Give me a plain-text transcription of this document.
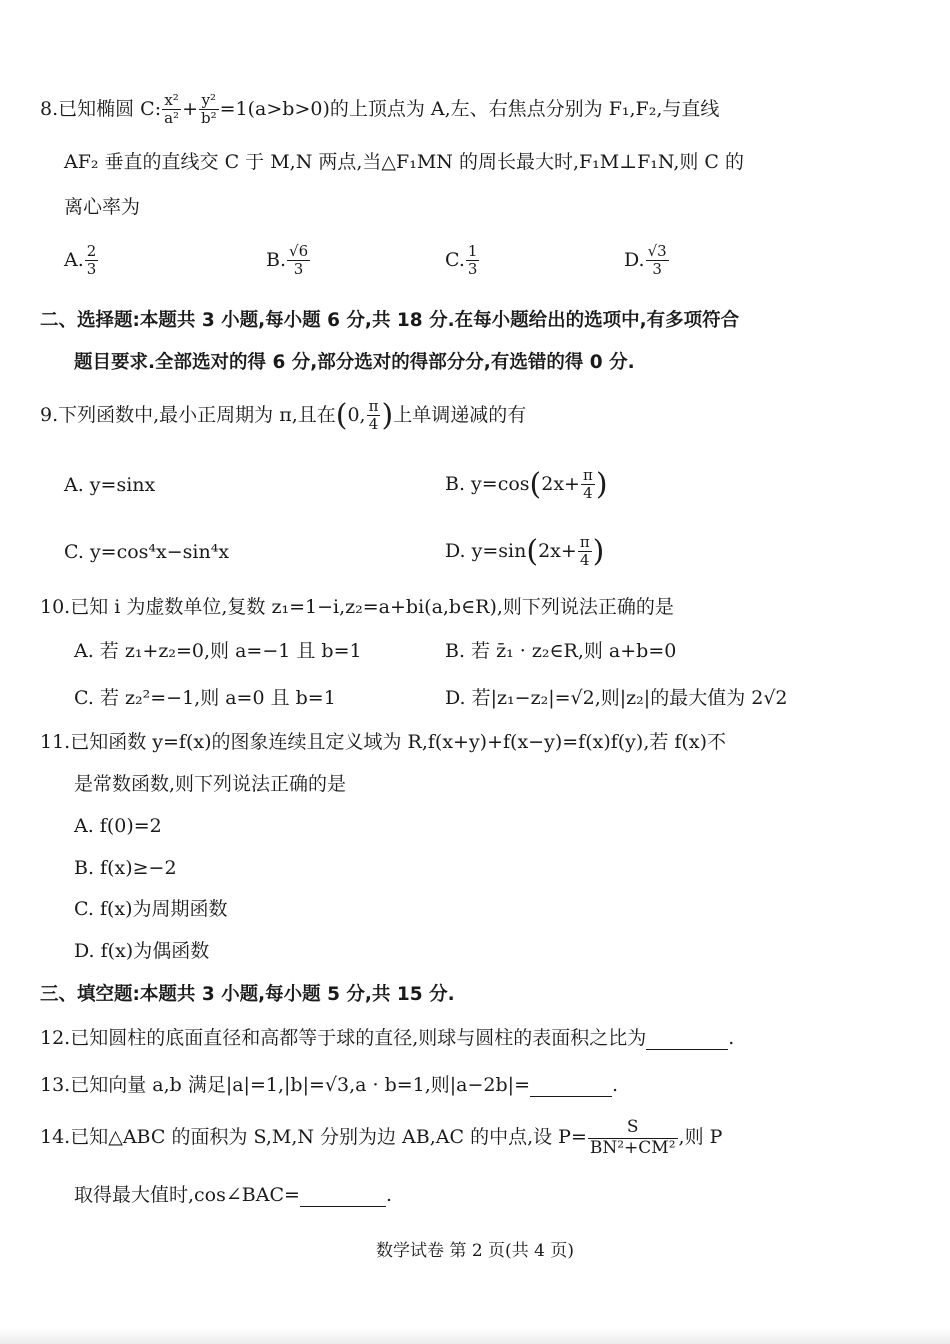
8.已知椭圆 C: $\frac{\text{x²}}{\text{a²}} + \frac{\text{y²}}{\text{b²}} =1(a>b>0)$的上顶点为 A,左、右焦点分别为 F₁,F₂,与直线
AF₂ 垂直的直线交 C 于 M,N 两点,当△F₁MN 的周长最大时,F₁M⊥F₁N,则 C 的
离心率为
A. $\frac{2}{3}$	B. $\frac{√6}{3}$	C. $\frac{1}{3}$	D. $\frac{√3}{3}$
二、选择题:本题共 3 小题,每小题 6 分,共 18 分.在每小题给出的选项中,有多项符合
题目要求.全部选对的得 6 分,部分选对的得部分分,有选错的得 0 分.
9.下列函数中,最小正周期为 π,且在(0, $\frac{\pi}{4}$ )上单调递减的有
A. y=sinx	B. $y=\cos(2x+ \frac{\pi}{4}$ )
C. y=cos⁴x−sin⁴x	D. $y=\sin(2x+ \frac{\pi}{4}$ )
10.已知 i 为虚数单位,复数 z₁=1−i,z₂=a+bi(a,b∈R),则下列说法正确的是
A. 若 z₁+z₂=0,则 a=−1 且 b=1	B. 若 z̄₁ · z₂∈R,则 a+b=0
C. 若 z₂²=−1,则 a=0 且 b=1	D. 若|z₁−z₂|=√2,则|z₂|的最大值为 2√2
11.已知函数 y=f(x)的图象连续且定义域为 R,f(x+y)+f(x−y)=f(x)f(y),若 f(x)不
是常数函数,则下列说法正确的是
A. f(0)=2
B. f(x)≥−2
C. f(x)为周期函数
D. f(x)为偶函数
三、填空题:本题共 3 小题,每小题 5 分,共 15 分.
12.已知圆柱的底面直径和高都等于球的直径,则球与圆柱的表面积之比为	.
13.已知向量 a,b 满足|a|=1,|b|=√3,a · b=1,则|a−2b|=	.
14.已知△ABC 的面积为 S,M,N 分别为边 AB,AC 的中点,设 $P= \frac{S}{\text{BN²+CM²}}$ ,则 P
取得最大值时,cos∠BAC=	.
数学试卷 第 2 页(共 4 页)
